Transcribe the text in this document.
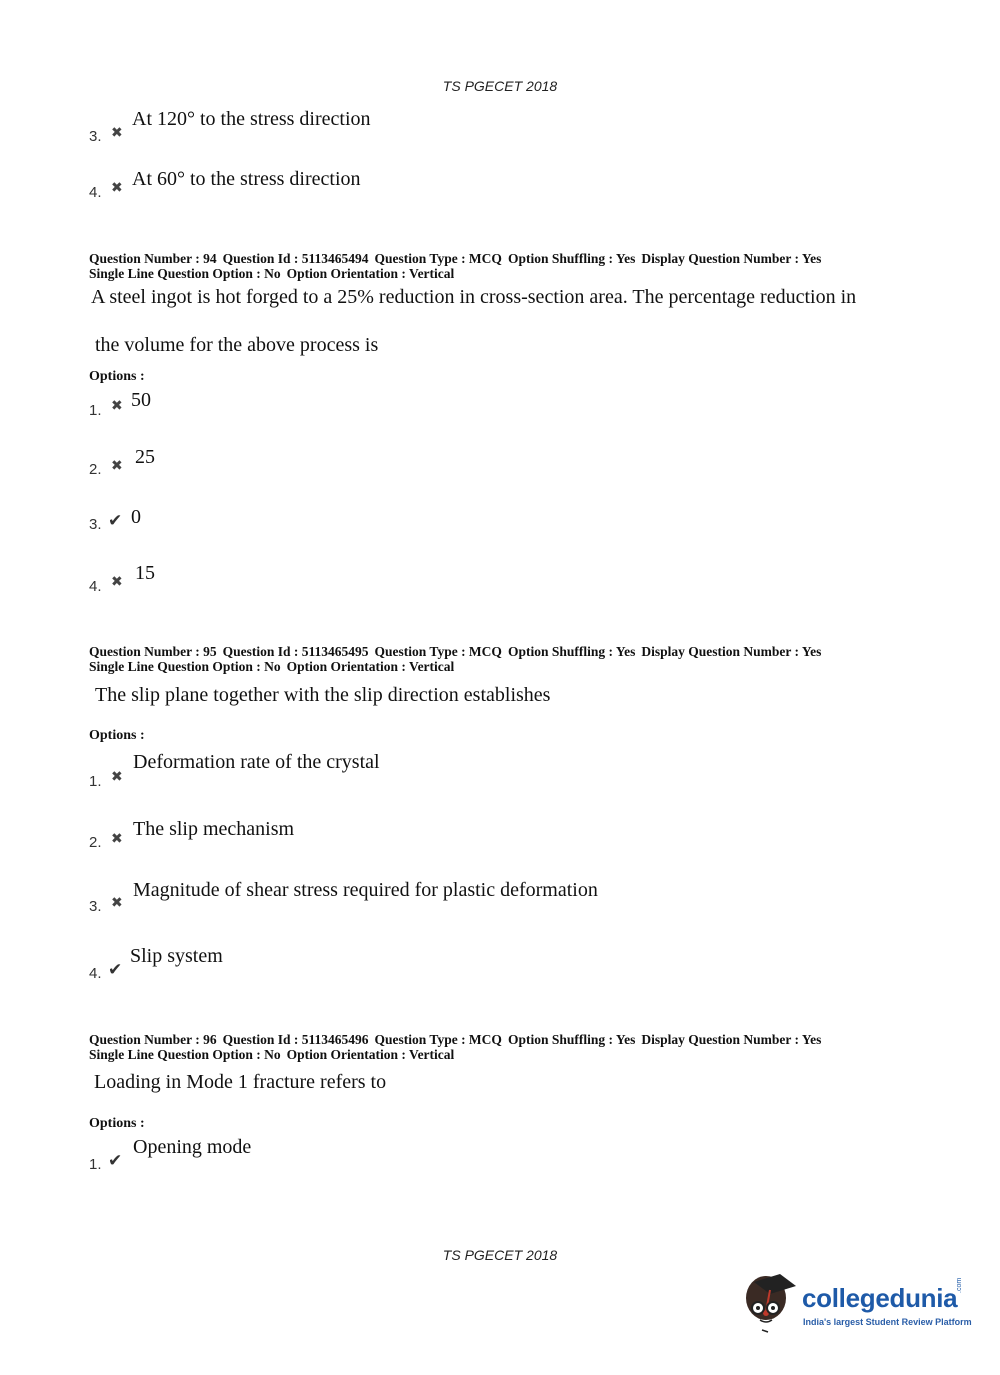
TS PGECET 2018
3. ✖
At 120° to the stress direction
4. ✖ At 60° to the stress direction
Question Number : 94 Question Id : 5113465494 Question Type : MCQ Option Shuffling : Yes Display Question Number : Yes
Single Line Question Option : No Option Orientation : Vertical
A steel ingot is hot forged to a 25% reduction in cross-section area. The percentage reduction in
the volume for the above process is
Options :
1. ✖ 50
2. ✖ 25
3. ✔ 0
4. ✖ 15
Question Number : 95 Question Id : 5113465495 Question Type : MCQ Option Shuffling : Yes Display Question Number : Yes
Single Line Question Option : No Option Orientation : Vertical
The slip plane together with the slip direction establishes
Options :
1. ✖
Deformation rate of the crystal
2. ✖ The slip mechanism
3. ✖
Magnitude of shear stress required for plastic deformation
4. ✔
Slip system
Question Number : 96 Question Id : 5113465496 Question Type : MCQ Option Shuffling : Yes Display Question Number : Yes
Single Line Question Option : No Option Orientation : Vertical
Loading in Mode 1 fracture refers to
Options :
1. ✔
Opening mode
TS PGECET 2018
collegedunia
.com
India's largest Student Review Platform
